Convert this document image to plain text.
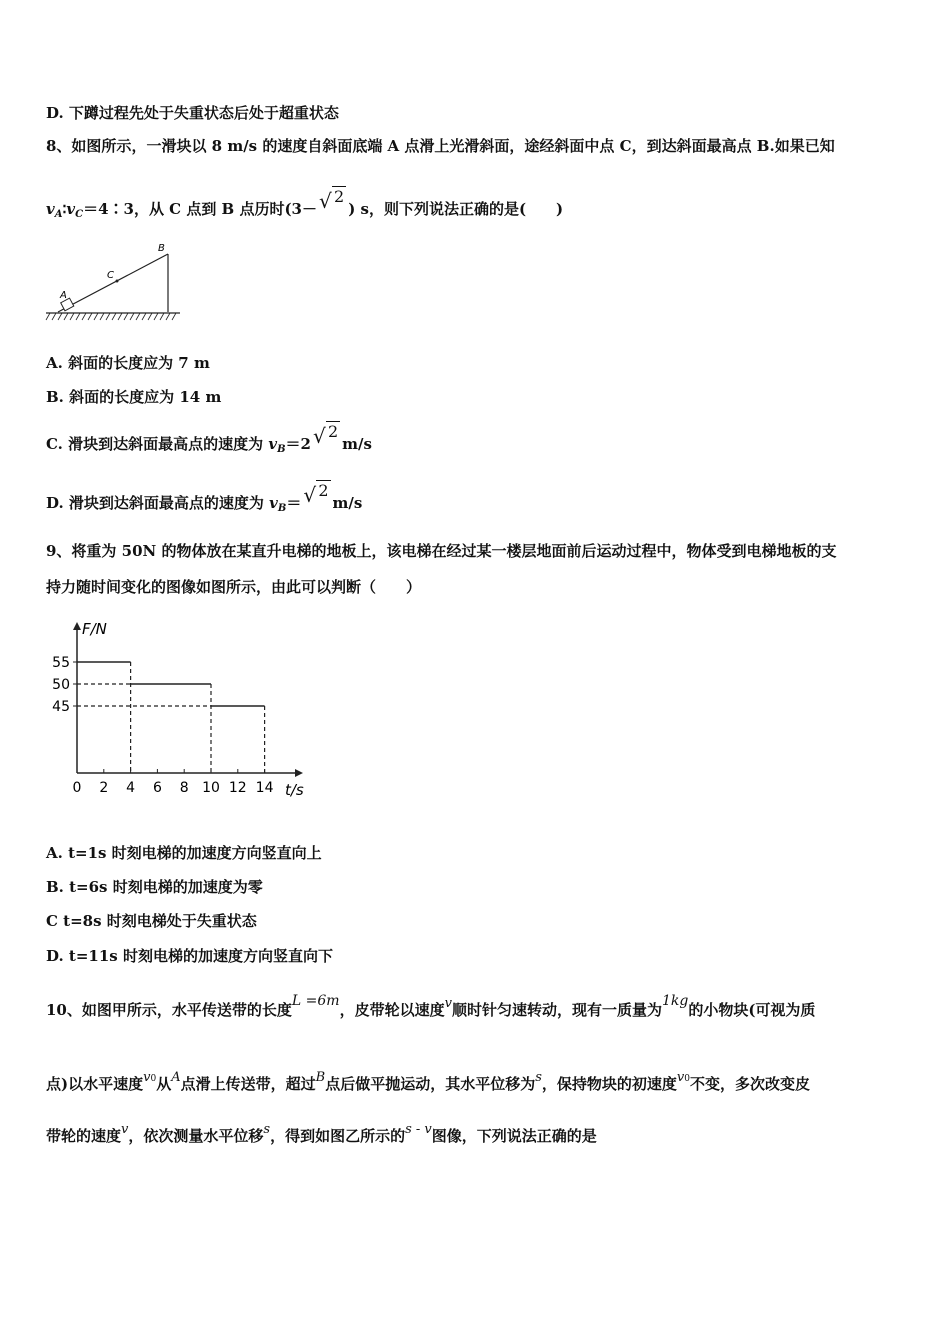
D. 下蹲过程先处于失重状态后处于超重状态
8、如图所示，一滑块以 8 m/s 的速度自斜面底端 A 点滑上光滑斜面，途经斜面中点 C，到达斜面最高点 B.如果已知
$v_A∶v_C=4∶3$，从 C 点到 B 点历时(3－ √ 2) s，则下列说法正确的是(　　)
A
C
B
A. 斜面的长度应为 7 m
B. 斜面的长度应为 14 m
C. 滑块到达斜面最高点的速度为 $v_B=2$ √ 2m/s
D. 滑块到达斜面最高点的速度为 $v_B=$ √ 2m/s
9、将重为 50N 的物体放在某直升电梯的地板上，该电梯在经过某一楼层地面前后运动过程中，物体受到电梯地板的支
持力随时间变化的图像如图所示，由此可以判断（　　）
F/N
t/s
0 2 4 6 8 10 12 14
55
50
45
A. t=1s 时刻电梯的加速度方向竖直向上
B. t=6s 时刻电梯的加速度为零
C t=8s 时刻电梯处于失重状态
D. t=11s 时刻电梯的加速度方向竖直向下
10、如图甲所示，水平传送带的长度L =6m，皮带轮以速度v顺时针匀速转动，现有一质量为1kg的小物块(可视为质
点)以水平速度$v^0$从A点滑上传送带，超过B点后做平抛运动，其水平位移为s，保持物块的初速度$v^0$不变，多次改变皮
带轮的速度v，依次测量水平位移s，得到如图乙所示的s - v图像，下列说法正确的是
